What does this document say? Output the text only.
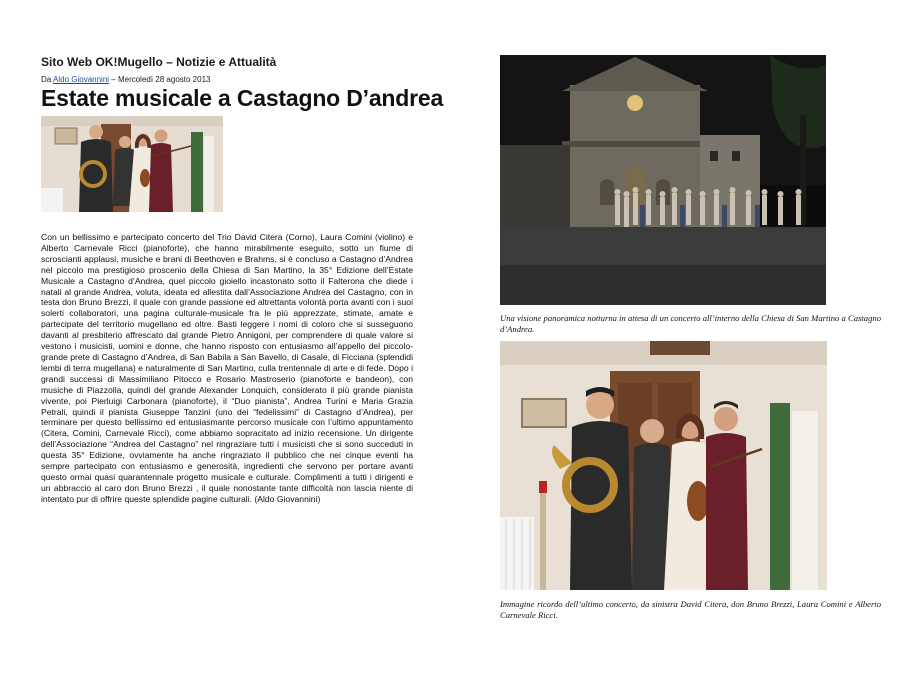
Sito Web OK!Mugello – Notizie e Attualità

Da Aldo Giovannini – Mercoledì 28 agosto 2013

Estate musicale a Castagno D’andrea

Con un bellissimo e partecipato concerto del Trio David Citera (Corno), Laura Comini (violino) e Alberto Carnevale Ricci (pianoforte), che hanno mirabilmente eseguito, sotto un fiume di scroscianti applausi, musiche e brani di Beethoven e Brahms, si è concluso a Castagno d’Andrea nel piccolo ma prestigioso proscenio della Chiesa di San Martino, la 35° Edizione dell’Estate Musicale a Castagno d’Andrea, quel piccolo gioiello incastonato sotto il Falterona che diede i natali al grande Andrea, voluta, ideata ed allestita dall’Associazione Andrea del Castagno, con in testa don Bruno Brezzi, il quale con grande passione ed altrettanta volontà porta avanti con i suoi solerti collaboratori, una pagina culturale-musicale fra le più apprezzate, stimate, amate e partecipate del territorio mugellano ed oltre. Basti leggere i nomi di coloro che si susseguono davanti al presbiterio affrescato dal grande Pietro Annigoni, per comprendere di quale valore si vestono i musicisti, uomini e donne, che hanno risposto con entusiasmo all’appello del piccolo-grande prete di Castagno d’Andrea, di San Babila a San Bavello, di Casale, di Ficciana (splendidi lembi di terra mugellana) e naturalmente di San Martino, culla trentennale di arte e di fede. Dopo i grandi successi di Massimiliano Pitocco e Rosario Mastroserio (pianoforte e bandeon), con musiche di Piazzolla, quindi del grande Alexander Lonquich, considerato il più grande pianista vivente, poi Pierluigi Carbonara (pianoforte), il “Duo pianista”, Andrea Turini e Maria Grazia Petrali, quindi il pianista Giuseppe Tanzini (uno dei “fedelissimi” di Castagno d’Andrea), per terminare per questo bellissimo ed entusiasmante percorso musicale con l’ultimo appuntamento (Citera, Comini, Carnevale Ricci), come abbiamo sopracitato ad inizio recensione. Un dirigente dell’Associazione “Andrea del Castagno” nel ringraziare tutti i musicisti che si sono succeduti in questa 35° Edizione, ovviamente ha anche ringraziato il pubblico che nei cinque eventi ha sempre partecipato con entusiasmo e generosità, ingredienti che servono per portare avanti questo ormai quasi quarantennale progetto musicale e culturale. Complimenti a tutti i dirigenti e un abbraccio al caro don Bruno Brezzi , il quale nonostante tante difficoltà non lascia niente di intentato pur di offrire queste splendide pagine culturali. (Aldo Giovannini)

Una visione panoramica notturna in attesa di un concerto all’interno della Chiesa di San Martino a Castagno d’Andrea.

Immagine ricordo dell’ultimo concerto, da sinistra David Citera, don Bruno Brezzi, Laura Comini e Alberto Carnevale Ricci.
